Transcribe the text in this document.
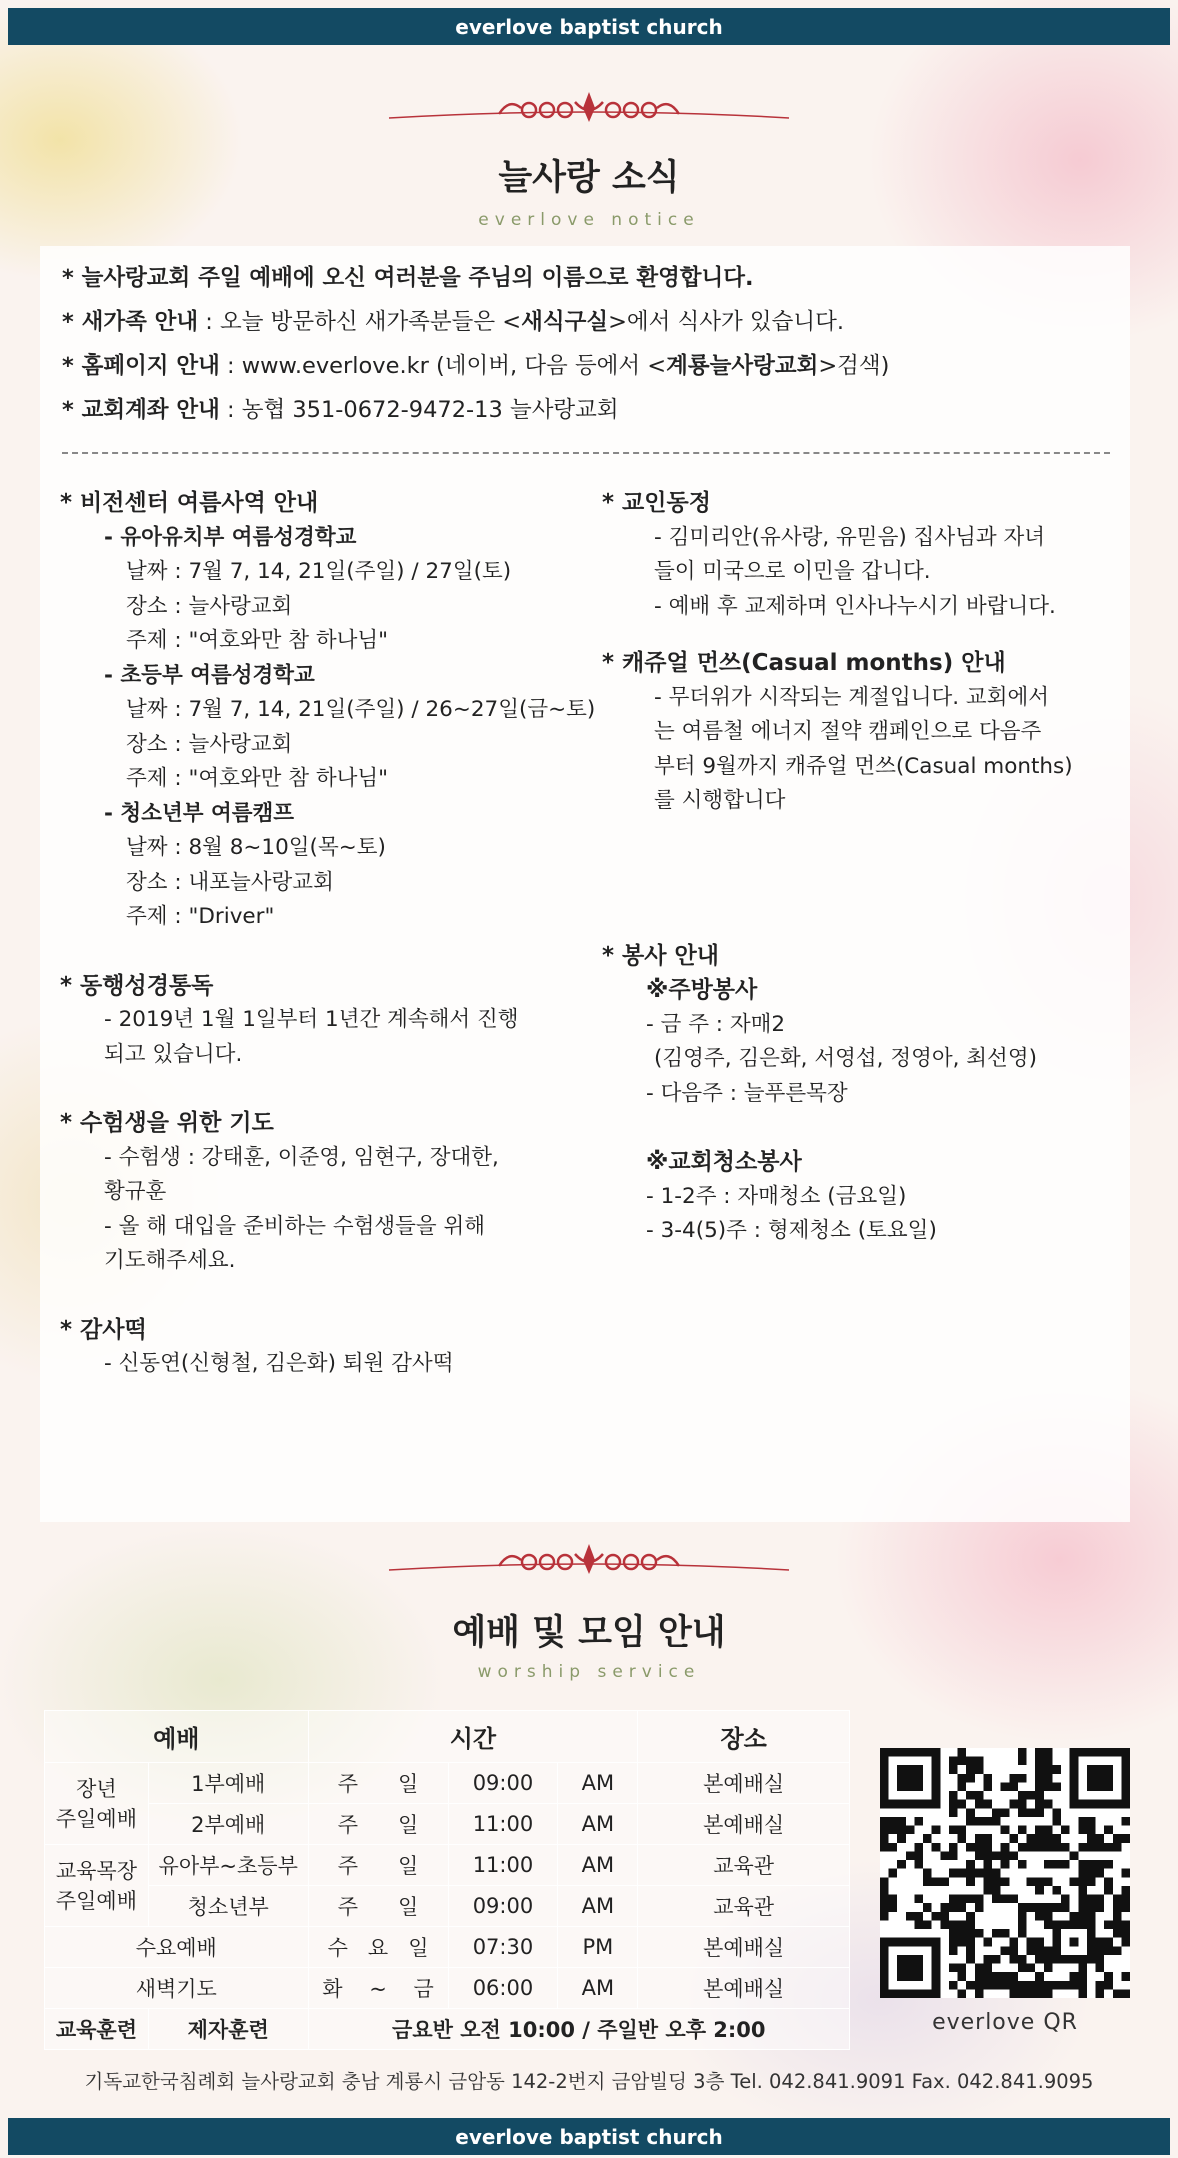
everlove baptist church
늘사랑 소식
everlove notice
* 늘사랑교회 주일 예배에 오신 여러분을 주님의 이름으로 환영합니다.
* 새가족 안내 : 오늘 방문하신 새가족분들은 <새식구실>에서 식사가 있습니다.
* 홈페이지 안내 : www.everlove.kr (네이버, 다음 등에서 <계룡늘사랑교회>검색)
* 교회계좌 안내 : 농협 351-0672-9472-13 늘사랑교회
* 비전센터 여름사역 안내
- 유아유치부 여름성경학교
날짜 : 7월 7, 14, 21일(주일) / 27일(토)
장소 : 늘사랑교회
주제 : "여호와만 참 하나님"
- 초등부 여름성경학교
날짜 : 7월 7, 14, 21일(주일) / 26~27일(금~토)
장소 : 늘사랑교회
주제 : "여호와만 참 하나님"
- 청소년부 여름캠프
날짜 : 8월 8~10일(목~토)
장소 : 내포늘사랑교회
주제 : "Driver"
* 동행성경통독
- 2019년 1월 1일부터 1년간 계속해서 진행
되고 있습니다.
* 수험생을 위한 기도
- 수험생 : 강태훈, 이준영, 임현구, 장대한,
황규훈
- 올 해 대입을 준비하는 수험생들을 위해
기도해주세요.
* 감사떡
- 신동연(신형철, 김은화) 퇴원 감사떡
* 교인동정
- 김미리안(유사랑, 유믿음) 집사님과 자녀
들이 미국으로 이민을 갑니다.
- 예배 후 교제하며 인사나누시기 바랍니다.
* 캐쥬얼 먼쓰(Casual months) 안내
- 무더위가 시작되는 계절입니다. 교회에서
는 여름철 에너지 절약 캠페인으로 다음주
부터 9월까지 캐쥬얼 먼쓰(Casual months)
를 시행합니다
* 봉사 안내
※주방봉사
- 금 주 : 자매2
(김영주, 김은화, 서영섭, 정영아, 최선영)
- 다음주 : 늘푸른목장
※교회청소봉사
- 1-2주 : 자매청소 (금요일)
- 3-4(5)주 : 형제청소 (토요일)
예배 및 모임 안내
worship service
예배		시간			장소
장년
주일예배	1부예배	주      일	09:00	AM	본예배실
	2부예배	주      일	11:00	AM	본예배실
교육목장
주일예배	유아부~초등부	주      일	11:00	AM	교육관
	청소년부	주      일	09:00	AM	교육관
수요예배		수   요   일	07:30	PM	본예배실
새벽기도		화    ~    금	06:00	AM	본예배실
교육훈련	제자훈련	금요반 오전 10:00 / 주일반 오후 2:00				everlove QR
기독교한국침례회 늘사랑교회 충남 계룡시 금암동 142-2번지 금암빌딩 3층 Tel. 042.841.9091 Fax. 042.841.9095
everlove baptist church
